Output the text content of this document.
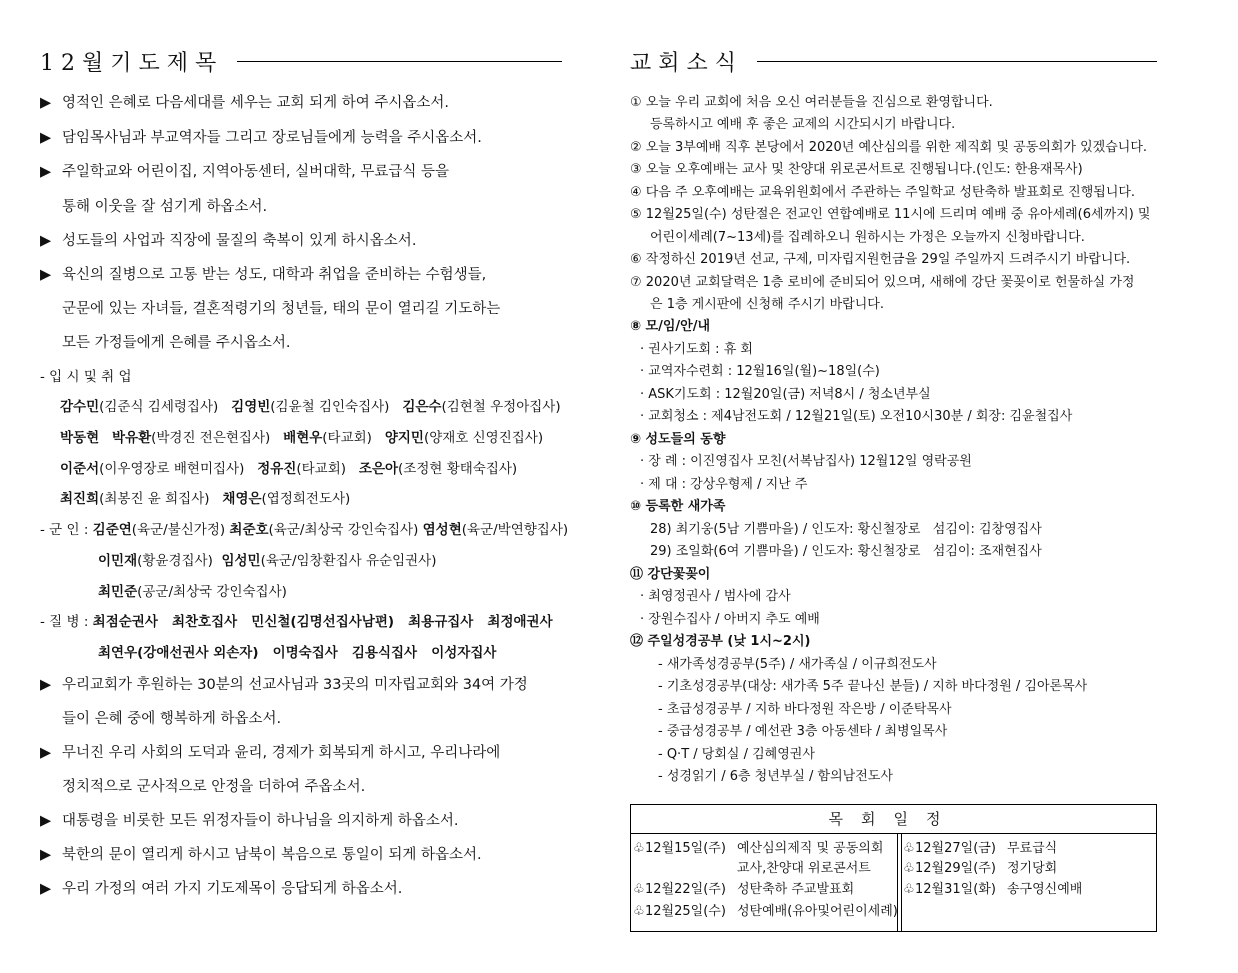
12월기도제목
▶ 영적인 은혜로 다음세대를 세우는 교회 되게 하여 주시옵소서.
▶ 담임목사님과 부교역자들 그리고 장로님들에게 능력을 주시옵소서.
▶ 주일학교와 어린이집, 지역아동센터, 실버대학, 무료급식 등을
통해 이웃을 잘 섬기게 하옵소서.
▶ 성도들의 사업과 직장에 물질의 축복이 있게 하시옵소서.
▶ 육신의 질병으로 고통 받는 성도, 대학과 취업을 준비하는 수험생들,
군문에 있는 자녀들, 결혼적령기의 청년들, 태의 문이 열리길 기도하는
모든 가정들에게 은혜를 주시옵소서.
- 입 시 및 취 업
감수민(김준식 김세령집사) 김영빈(김윤철 김인숙집사) 김은수(김현철 우정아집사)
박동현 박유환(박경진 전은현집사) 배현우(타교회) 양지민(양재호 신영진집사)
이준서(이우영장로 배현미집사) 정유진(타교회) 조은아(조정현 황태숙집사)
최진희(최봉진 윤 희집사) 채영은(엽정희전도사)
- 군 인 : 김준연(육군/불신가정) 최준호(육군/최상국 강인숙집사) 염성현(육군/박연향집사)
이민재(황윤경집사) 임성민(육군/임창환집사 유순임권사)
최민준(공군/최상국 강인숙집사)
- 질 병 : 최점순권사   최찬호집사   민신철(김명선집사남편)   최용규집사   최정애권사
최연우(강애선권사 외손자)   이명숙집사   김용식집사   이성자집사
▶ 우리교회가 후원하는 30분의 선교사님과 33곳의 미자립교회와 34여 가정
들이 은혜 중에 행복하게 하옵소서.
▶ 무너진 우리 사회의 도덕과 윤리, 경제가 회복되게 하시고, 우리나라에
정치적으로 군사적으로 안정을 더하여 주옵소서.
▶ 대통령을 비롯한 모든 위정자들이 하나님을 의지하게 하옵소서.
▶ 북한의 문이 열리게 하시고 남북이 복음으로 통일이 되게 하옵소서.
▶ 우리 가정의 여러 가지 기도제목이 응답되게 하옵소서.
교회소식
① 오늘 우리 교회에 처음 오신 여러분들을 진심으로 환영합니다.
등록하시고 예배 후 좋은 교제의 시간되시기 바랍니다.
② 오늘 3부예배 직후 본당에서 2020년 예산심의를 위한 제직회 및 공동의회가 있겠습니다.
③ 오늘 오후예배는 교사 및 찬양대 위로콘서트로 진행됩니다.(인도: 한용재목사)
④ 다음 주 오후예배는 교육위원회에서 주관하는 주일학교 성탄축하 발표회로 진행됩니다.
⑤ 12월25일(수) 성탄절은 전교인 연합예배로 11시에 드리며 예배 중 유아세례(6세까지) 및
어린이세례(7~13세)를 집례하오니 원하시는 가정은 오늘까지 신청바랍니다.
⑥ 작정하신 2019년 선교, 구제, 미자립지원헌금을 29일 주일까지 드려주시기 바랍니다.
⑦ 2020년 교회달력은 1층 로비에 준비되어 있으며, 새해에 강단 꽃꽂이로 헌물하실 가정
은 1층 게시판에 신청해 주시기 바랍니다.
⑧ 모/임/안/내
· 권사기도회 : 휴 회
· 교역자수련회 : 12월16일(월)~18일(수)
· ASK기도회 : 12월20일(금) 저녁8시 / 청소년부실
· 교회청소 : 제4남전도회 / 12월21일(토) 오전10시30분 / 회장: 김윤철집사
⑨ 성도들의 동향
· 장 례 : 이진영집사 모친(서복남집사) 12월12일 영락공원
· 제 대 : 강상우형제 / 지난 주
⑩ 등록한 새가족
28) 최기웅(5남 기쁨마을) / 인도자: 황신철장로   섬김이: 김창영집사
29) 조일화(6여 기쁨마을) / 인도자: 황신철장로   섬김이: 조재현집사
⑪ 강단꽃꽂이
· 최영정권사 / 범사에 감사
· 장원수집사 / 아버지 추도 예배
⑫ 주일성경공부 (낮 1시~2시)
- 새가족성경공부(5주) / 새가족실 / 이규희전도사
- 기초성경공부(대상: 새가족 5주 끝나신 분들) / 지하 바다정원 / 김아론목사
- 초급성경공부 / 지하 바다정원 작은방 / 이준탁목사
- 중급성경공부 / 예선관 3층 아동센타 / 최병일목사
- Q·T / 당회실 / 김혜영권사
- 성경읽기 / 6층 청년부실 / 함의남전도사
목회일정
♧12월15일(주) 예산심의제직 및 공동의회
교사,찬양대 위로콘서트
♧12월22일(주) 성탄축하 주교발표회
♧12월25일(수) 성탄예배(유아및어린이세례)
♧12월27일(금) 무료급식
♧12월29일(주) 정기당회
♧12월31일(화) 송구영신예배
